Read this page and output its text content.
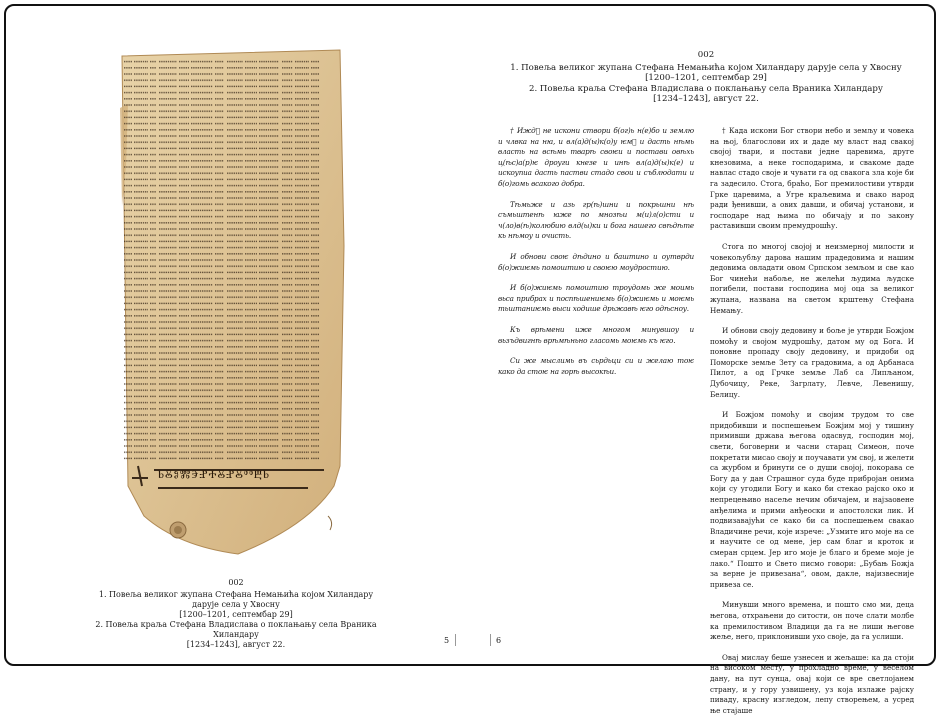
ⰓⰋⰑⰏⰅⰐⰀⰋⰐⰋⰕⰁⰓ
002
1. Повеља великог жупана Стефана Немањића којом Хиландару дарује села у Хвосну
[1200–1201, септембар 29]
2. Повеља краља Стефана Владислава о поклањању села Враника Хиландару
[1234–1243], август 22.	5	6
002
1. Повеља великог жупана Стефана Немањића којом Хиландару дарује села у Хвосну
[1200–1201, септембар 29]
2. Повеља краља Стефана Владислава о поклањању села Враника Хиландару
[1234–1243], август 22.

† Иждⷣ не искони створи б(ог)ь н(е)бо и землю и члвка на нꙗ, и вл(а)д(ы)к(о)у ѥмꙋ и дасть нѣмь власть на всѣмь тварѣ своѥи и постави овѣхь ц(ѣс)а(р)ѥ дроуги кнезе и инѣ вл(а)д(ы)к(е) и искоупиа дасть пастви стадо свои и съблюдати и б(о)гомь всакого добра.

Тѣмьже и азь гр(ѣ)шни и покрьшни нѣ съмьштенѣ ꙗже по мнозѣи м(и)л(о)сти и ч(ло)в(ѣ)колюбию влд(ы)ки и бога нашего свѣдѣте кь нѣмоу и очисть.

И обнови своѥ дѣдино и баштино и оутврди б(о)жиѥмь помоштию и своѥю моудростию.

И б(о)жиѥмь помоштию троудомь же моимь вьса прибрах и поспѣшениѥмь б(о)жиѥмь и моѥмь тьштаниѥмь выси ходише дрьжавѣ ѥго одѣсноу.

Къ врѣмени иже многом минувшоу и вьзъдвигнѣ врѣмѣньно гласомь моѥмь къ ѥго.

Си же мыслимь въ сьрдьци си и желаю тоѥ како да стоѥ на горѣ высокѣи.

† Када искони Бог створи небо и земљу и човека на њој, благослови их и даде му власт над свакој својој твари, и постави једне царевима, друге кнезовима, а неке господарима, и свакоме даде навлас стадо своје и чувати га од свакога зла које би га задесило. Стога, браћо, Бог премилостиви утврди Грке царевима, а Угре краљевима и свако народ ради ђенивши, а ових давши, и обичај установи, и господаре над њима по обичају и по закону раставивши своим премудрошћу.

Стога по многој својој и неизмерној милости и човекољубљу дарова нашим прадедовима и нашим дедовима овладати овом Српском земљом и све као Бог чинећи набоље, не желећи људима људске погибели, постави господина мој оца за великог жупана, названа на светом крштењу Стефана Немању.

И обнови своју дедовину и боље је утврди Божјом помоћу и својом мудрошћу, датом му од Бога. И поновне пропаду своју дедовину, и придоби од Поморске земље Зету са градовима, а од Арбанаса Пилот, а од Грчке земље Лаб са Липљаном, Дубочицу, Реке, Загрлату, Левче, Левенишу, Белицу.

И Божјом помоћу и својим трудом то све придобивши и поспешењем Божјим мој у тишину примивши држава његова одасвуд, господин мој, свети, боговерни и часни старац Симеон, поче покретати мисао своју и поучавати ум свој, и желети са журбом и бринути се о души својој, покорава се Богу да у дан Страшног суда буде прибројан онима који су угодили Богу и како би стекао рајско око и непрецењиво насеље нечим обичајем, и најзаовене анђелима и прими анђеоски и апостолски лик. И подвизавајући се како би са поспешењем свакао Владичине речи, које изрече: „Узмите иго моје на се и научите се од мене, јер сам благ и кроток и смеран срцем. Јер иго моје је благо и бреме моје је лако.“ Пошто и Свето писмо говори: „Бубањ Божја за верне је привезана“, овом, дакле, најизвесније привеза се.

Минувши много времена, и пошто смо ми, деца његова, отхрањени до ситости, он поче слати молбе ка премилостивом Владици да га не лиши његове жеље, него, приклонивши ухо своје, да га услиши.

Овај мислау беше узнесен и жељаше: ка да стоји на високом месту, у прохладно време, у веселом дану, на пут сунца, овај који се вре светлојанем страну, и у гору узвишену, уз која излаже рајску пиваду, красну изгледом, лепу створењем, а усред ње стајаше
